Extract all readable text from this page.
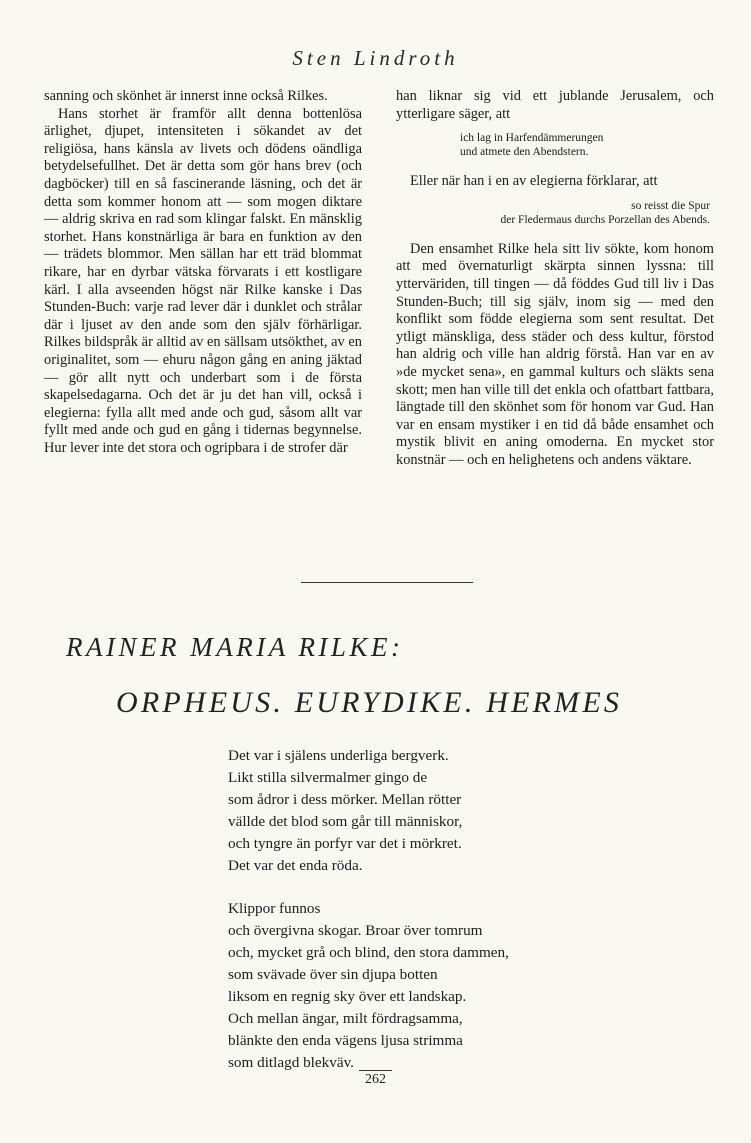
Sten Lindroth

sanning och skönhet är innerst inne också Rilkes.

Hans storhet är framför allt denna bottenlösa ärlighet, djupet, intensiteten i sökandet av det religiösa, hans känsla av livets och dödens oändliga betydelsefullhet. Det är detta som gör hans brev (och dagböcker) till en så fascinerande läsning, och det är detta som kommer honom att — som mogen diktare — aldrig skriva en rad som klingar falskt. En mänsklig storhet. Hans konstnärliga är bara en funktion av den — trädets blommor. Men sällan har ett träd blommat rikare, har en dyrbar vätska förvarats i ett kostligare kärl. I alla avseenden högst när Rilke kanske i Das Stunden-Buch: varje rad lever där i dunklet och strålar där i ljuset av den ande som den själv förhärligar. Rilkes bildspråk är alltid av en sällsam utsökthet, av en originalitet, som — ehuru någon gång en aning jäktad — gör allt nytt och underbart som i de första skapelsedagarna. Och det är ju det han vill, också i elegierna: fylla allt med ande och gud, såsom allt var fyllt med ande och gud en gång i tidernas begynnelse. Hur lever inte det stora och ogripbara i de strofer där

han liknar sig vid ett jublande Jerusalem, och ytterligare säger, att

ich lag in Harfendämmerungen
und atmete den Abendstern.

Eller när han i en av elegierna förklarar, att

so reisst die Spur
der Fledermaus durchs Porzellan des Abends.

Den ensamhet Rilke hela sitt liv sökte, kom honom att med övernaturligt skärpta sinnen lyssna: till ytterväriden, till tingen — då föddes Gud till liv i Das Stunden-Buch; till sig själv, inom sig — med den konflikt som födde elegierna som sent resultat. Det ytligt mänskliga, dess städer och dess kultur, förstod han aldrig och ville han aldrig förstå. Han var en av »de mycket sena», en gammal kulturs och släkts sena skott; men han ville till det enkla och ofattbart fattbara, längtade till den skönhet som för honom var Gud. Han var en ensam mystiker i en tid då både ensamhet och mystik blivit en aning omoderna. En mycket stor konstnär — och en helighetens och andens väktare.

RAINER MARIA RILKE:
ORPHEUS. EURYDIKE. HERMES
Det var i själens underliga bergverk.
Likt stilla silvermalmer gingo de
som ådror i dess mörker. Mellan rötter
vällde det blod som går till människor,
och tyngre än porfyr var det i mörkret.
Det var det enda röda.
Klippor funnos
och övergivna skogar. Broar över tomrum
och, mycket grå och blind, den stora dammen,
som svävade över sin djupa botten
liksom en regnig sky över ett landskap.
Och mellan ängar, milt fördragsamma,
blänkte den enda vägens ljusa strimma
som ditlagd blekväv.
262
